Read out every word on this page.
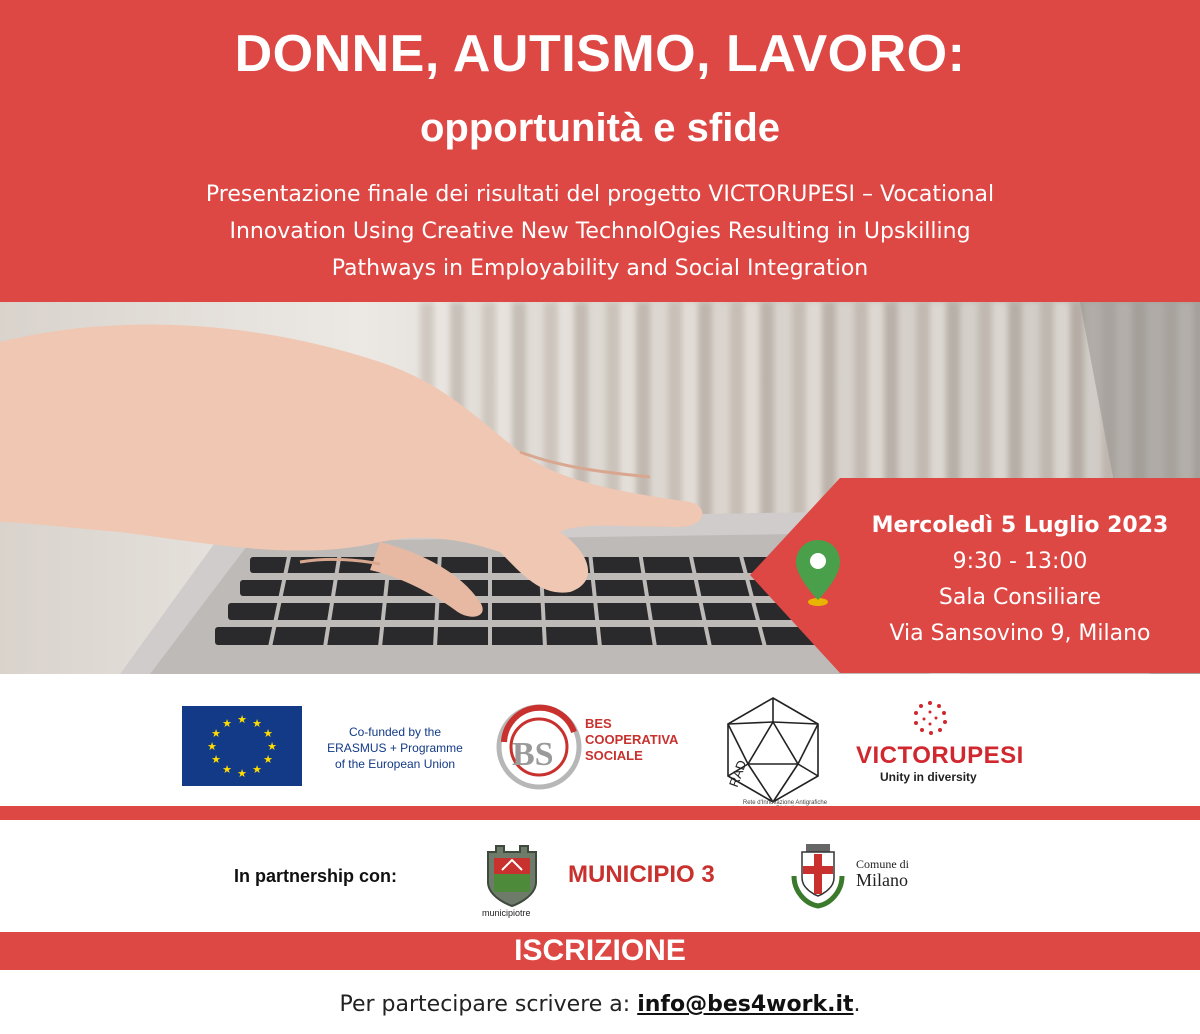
DONNE, AUTISMO, LAVORO:
opportunità e sfide
Presentazione finale dei risultati del progetto VICTORUPESI – Vocational
Innovation Using Creative New TechnolOgies Resulting in Upskilling
Pathways in Employability and Social Integration
Mercoledì 5 Luglio 2023
9:30 - 13:00
Sala Consiliare
Via Sansovino 9, Milano
★ ★
★
★
★
★
★
★
★
★
★
★
Co-funded by the
ERASMUS + Programme
of the European Union	BS
BES
COOPERATIVA
SOCIALE
RAD
Rete d'Innovazione Antigrafiche
VICTORUPESI
Unity in diversity
In partnership con:
municipiotre
MUNICIPIO 3	Comune di
Milano
ISCRIZIONE
Per partecipare scrivere a: info@bes4work.it.
